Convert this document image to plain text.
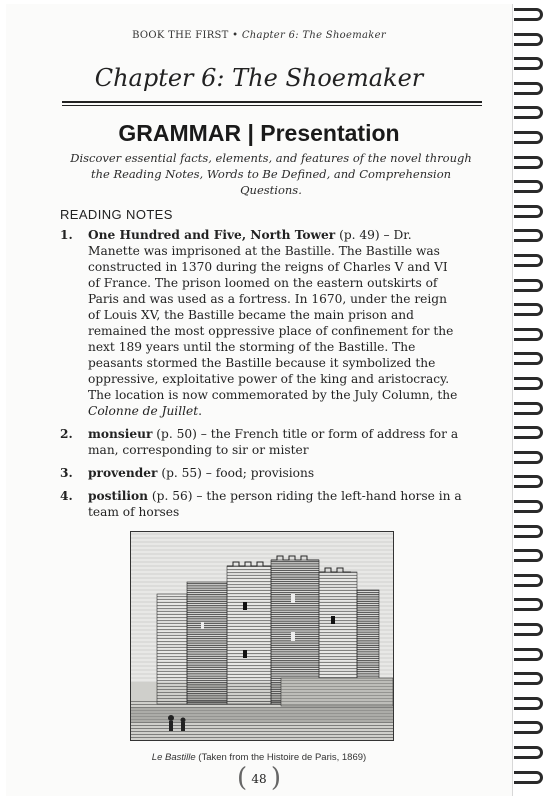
BOOK THE FIRST • Chapter 6: The Shoemaker
Chapter 6: The Shoemaker
GRAMMAR | Presentation
Discover essential facts, elements, and features of the novel through the Reading Notes, Words to Be Defined, and Comprehension Questions.
READING NOTES
1. One Hundred and Five, North Tower (p. 49) – Dr. Manette was imprisoned at the Bastille. The Bastille was constructed in 1370 during the reigns of Charles V and VI of France. The prison loomed on the eastern outskirts of Paris and was used as a fortress. In 1670, under the reign of Louis XV, the Bastille became the main prison and remained the most oppressive place of confinement for the next 189 years until the storming of the Bastille. The peasants stormed the Bastille because it symbolized the oppressive, exploitative power of the king and aristocracy. The location is now commemorated by the July Column, the Colonne de Juillet.
2. monsieur (p. 50) – the French title or form of address for a man, corresponding to sir or mister
3. provender (p. 55) – food; provisions
4. postilion (p. 56) – the person riding the left-hand horse in a team of horses
Le Bastille (Taken from the Histoire de Paris, 1869)
( 48 )
